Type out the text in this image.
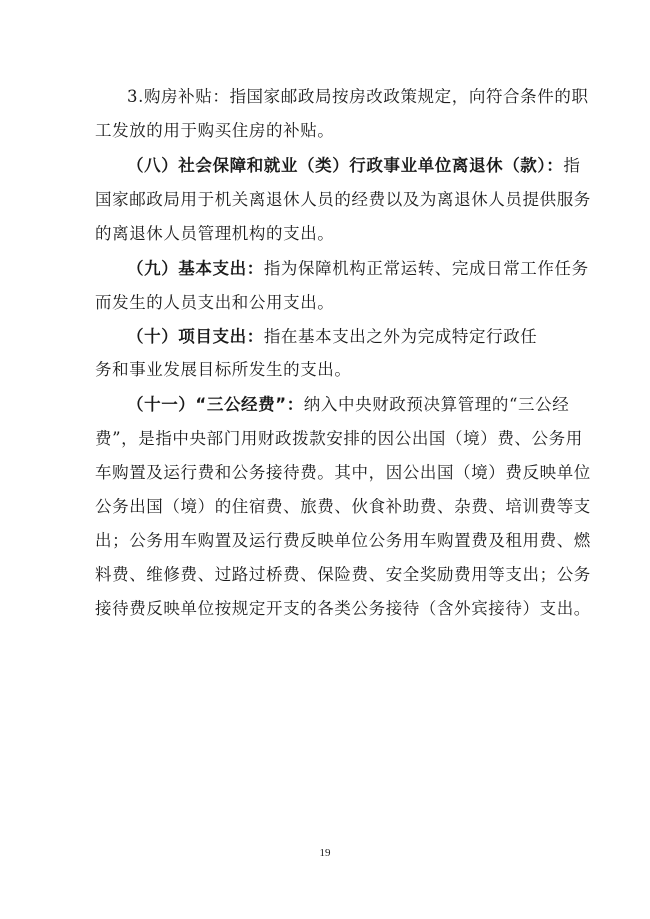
3.购房补贴：指国家邮政局按房改政策规定，向符合条件的职
工发放的用于购买住房的补贴。
（八）社会保障和就业（类）行政事业单位离退休（款）：指
国家邮政局用于机关离退休人员的经费以及为离退休人员提供服务
的离退休人员管理机构的支出。
（九）基本支出：指为保障机构正常运转、完成日常工作任务
而发生的人员支出和公用支出。
（十）项目支出：指在基本支出之外为完成特定行政任
务和事业发展目标所发生的支出。
（十一）“三公经费”：纳入中央财政预决算管理的“三公经
费”，是指中央部门用财政拨款安排的因公出国（境）费、公务用
车购置及运行费和公务接待费。其中，因公出国（境）费反映单位
公务出国（境）的住宿费、旅费、伙食补助费、杂费、培训费等支
出；公务用车购置及运行费反映单位公务用车购置费及租用费、燃
料费、维修费、过路过桥费、保险费、安全奖励费用等支出；公务
接待费反映单位按规定开支的各类公务接待（含外宾接待）支出。
19
